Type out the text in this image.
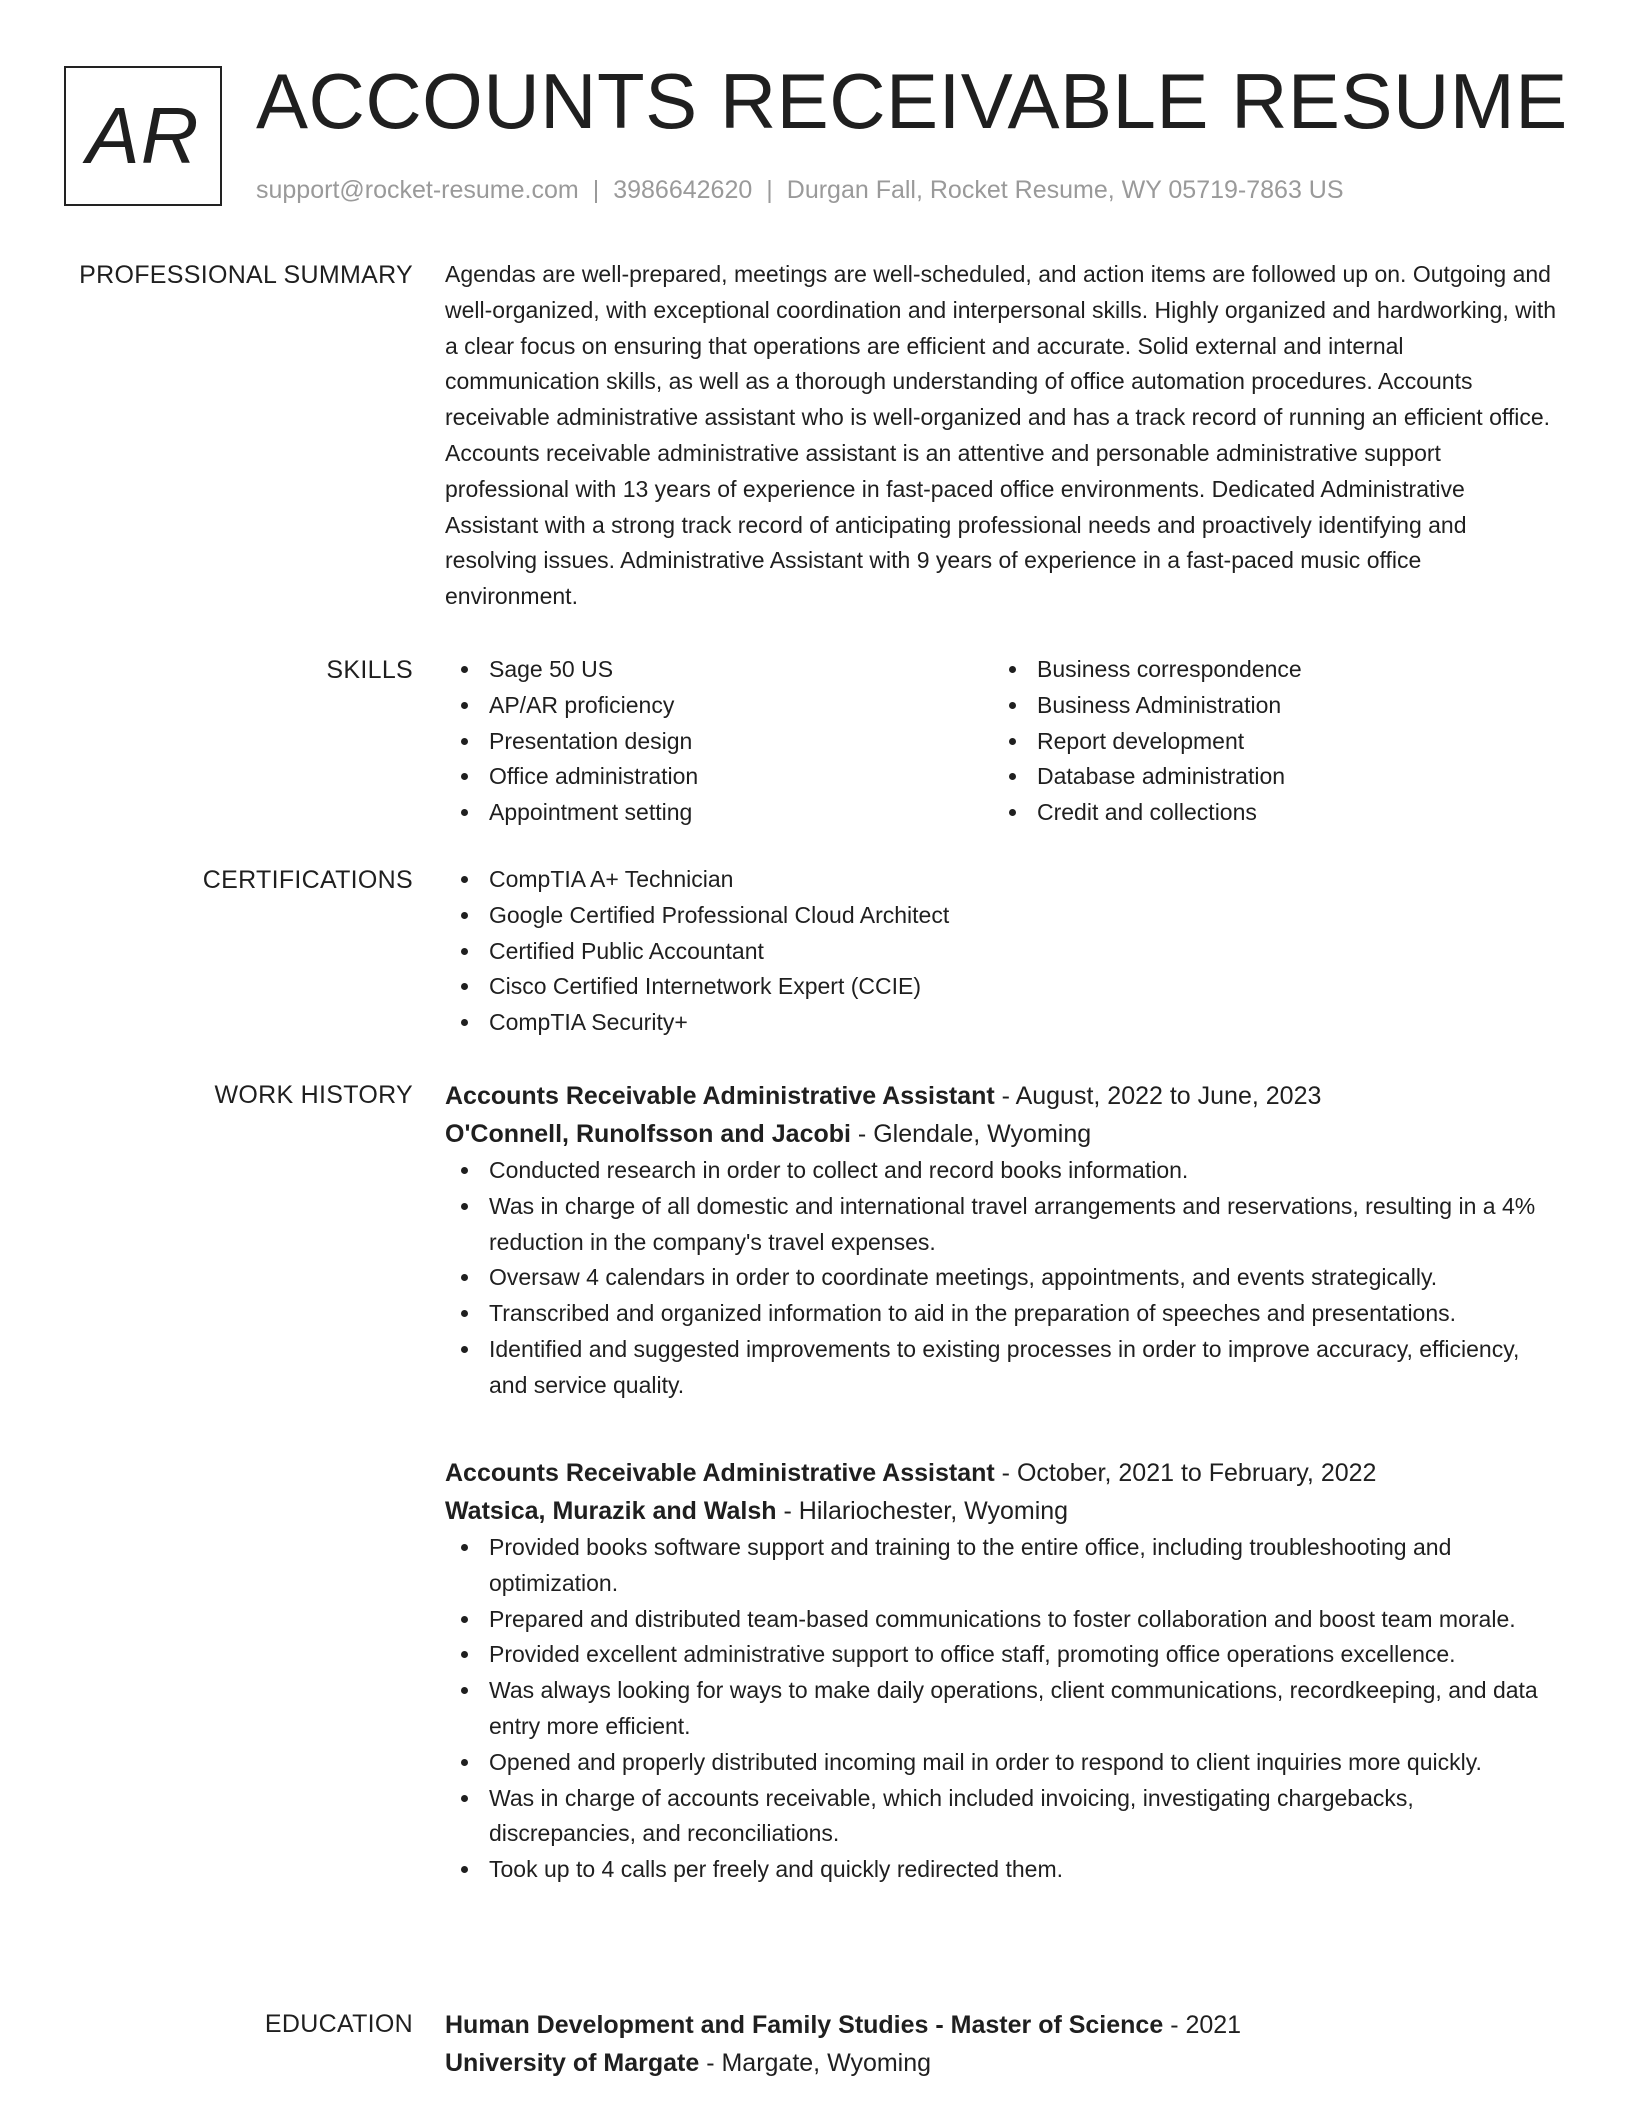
AR ACCOUNTS RECEIVABLE RESUME
support@rocket-resume.com | 3986642620 | Durgan Fall, Rocket Resume, WY 05719-7863 US
PROFESSIONAL SUMMARY Agendas are well-prepared, meetings are well-scheduled, and action items are followed up on. Outgoing and well-organized, with exceptional coordination and interpersonal skills. Highly organized and hardworking, with a clear focus on ensuring that operations are efficient and accurate. Solid external and internal communication skills, as well as a thorough understanding of office automation procedures. Accounts receivable administrative assistant who is well-organized and has a track record of running an efficient office. Accounts receivable administrative assistant is an attentive and personable administrative support professional with 13 years of experience in fast-paced office environments. Dedicated Administrative Assistant with a strong track record of anticipating professional needs and proactively identifying and resolving issues. Administrative Assistant with 9 years of experience in a fast-paced music office environment.

SKILLS	Sage 50 US
AP/AR proficiency
Presentation design
Office administration
Appointment setting
Business correspondence
Business Administration
Report development
Database administration
Credit and collections
CERTIFICATIONS	CompTIA A+ Technician
Google Certified Professional Cloud Architect
Certified Public Accountant
Cisco Certified Internetwork Expert (CCIE)
CompTIA Security+
WORK HISTORY Accounts Receivable Administrative Assistant - August, 2022 to June, 2023
O'Connell, Runolfsson and Jacobi - Glendale, Wyoming
Conducted research in order to collect and record books information.
Was in charge of all domestic and international travel arrangements and reservations, resulting in a 4% reduction in the company's travel expenses.
Oversaw 4 calendars in order to coordinate meetings, appointments, and events strategically.
Transcribed and organized information to aid in the preparation of speeches and presentations.
Identified and suggested improvements to existing processes in order to improve accuracy, efficiency, and service quality.
Accounts Receivable Administrative Assistant - October, 2021 to February, 2022
Watsica, Murazik and Walsh - Hilariochester, Wyoming
Provided books software support and training to the entire office, including troubleshooting and optimization.
Prepared and distributed team-based communications to foster collaboration and boost team morale.
Provided excellent administrative support to office staff, promoting office operations excellence.
Was always looking for ways to make daily operations, client communications, recordkeeping, and data entry more efficient.
Opened and properly distributed incoming mail in order to respond to client inquiries more quickly.
Was in charge of accounts receivable, which included invoicing, investigating chargebacks, discrepancies, and reconciliations.
Took up to 4 calls per freely and quickly redirected them.
EDUCATION Human Development and Family Studies - Master of Science - 2021
University of Margate - Margate, Wyoming
